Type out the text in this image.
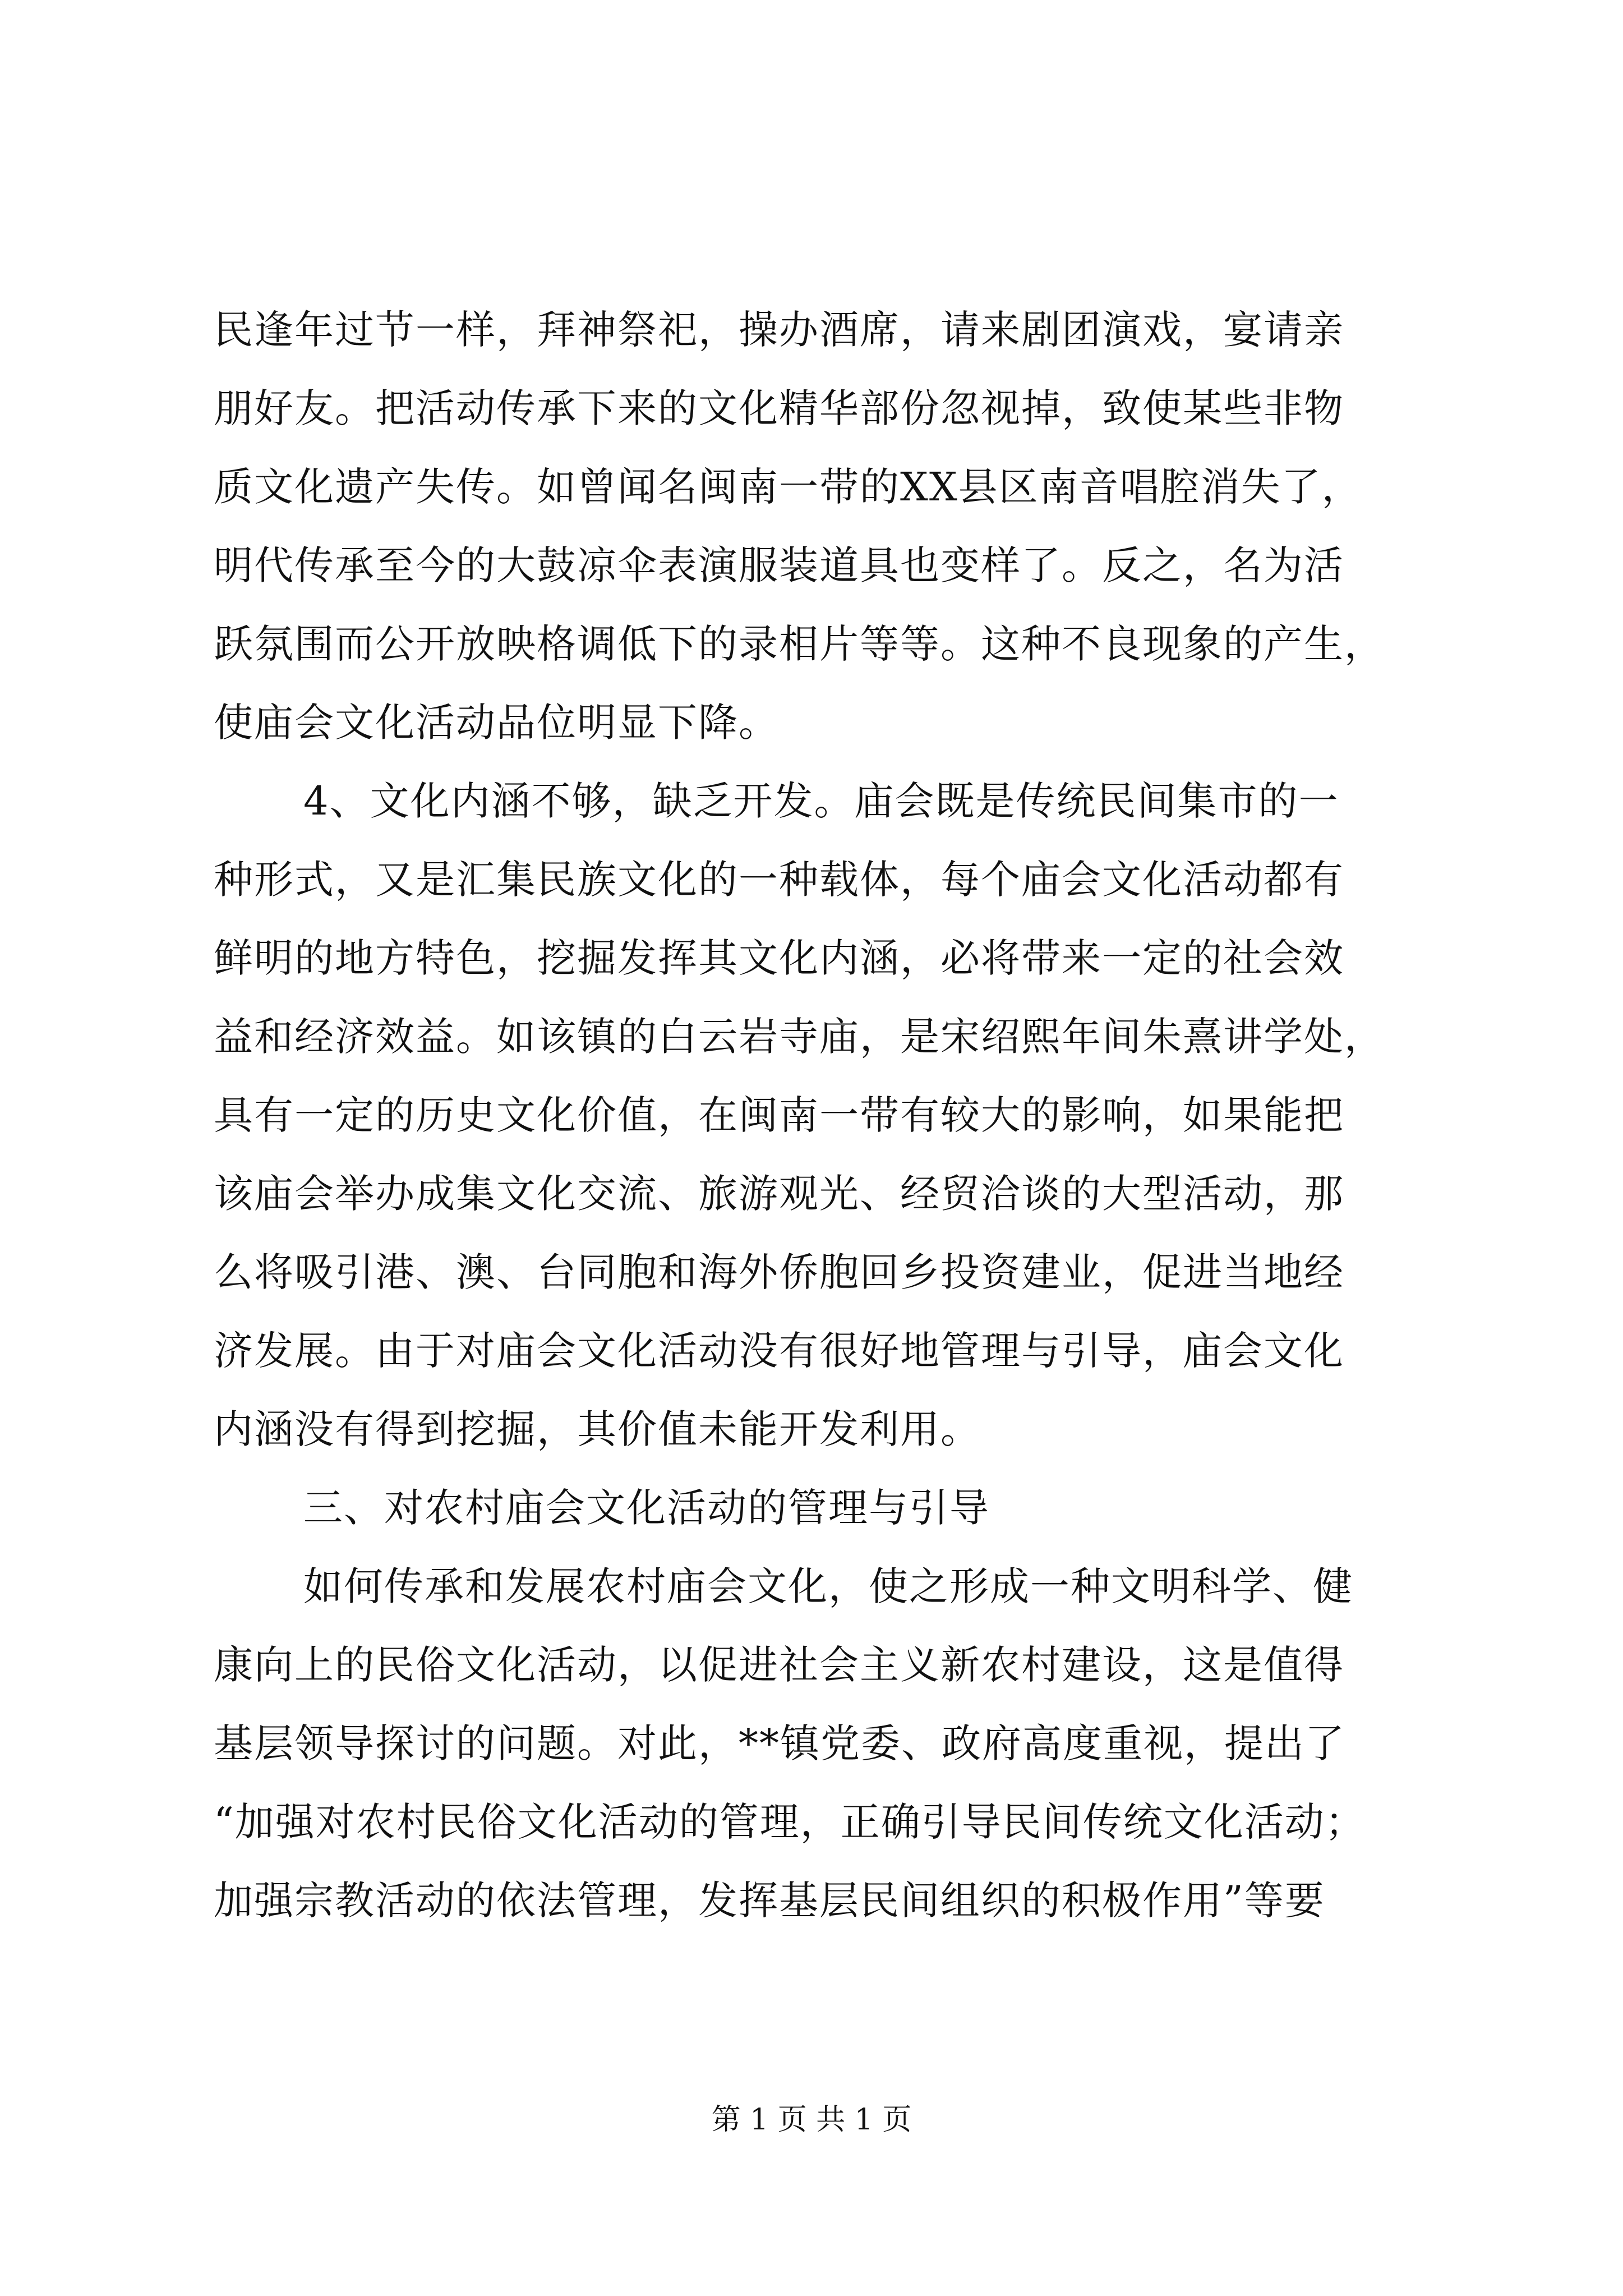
民逢年过节一样，拜神祭祀，操办酒席，请来剧团演戏，宴请亲
朋好友。把活动传承下来的文化精华部份忽视掉，致使某些非物
质文化遗产失传。如曾闻名闽南一带的XX县区南音唱腔消失了，
明代传承至今的大鼓凉伞表演服装道具也变样了。反之，名为活
跃氛围而公开放映格调低下的录相片等等。这种不良现象的产生，
使庙会文化活动品位明显下降。
4、文化内涵不够，缺乏开发。庙会既是传统民间集市的一
种形式，又是汇集民族文化的一种载体，每个庙会文化活动都有
鲜明的地方特色，挖掘发挥其文化内涵，必将带来一定的社会效
益和经济效益。如该镇的白云岩寺庙，是宋绍熙年间朱熹讲学处，
具有一定的历史文化价值，在闽南一带有较大的影响，如果能把
该庙会举办成集文化交流、旅游观光、经贸洽谈的大型活动，那
么将吸引港、澳、台同胞和海外侨胞回乡投资建业，促进当地经
济发展。由于对庙会文化活动没有很好地管理与引导，庙会文化
内涵没有得到挖掘，其价值未能开发利用。
三、对农村庙会文化活动的管理与引导
如何传承和发展农村庙会文化，使之形成一种文明科学、健
康向上的民俗文化活动，以促进社会主义新农村建设，这是值得
基层领导探讨的问题。对此，**镇党委、政府高度重视，提出了
“加强对农村民俗文化活动的管理，正确引导民间传统文化活动；
加强宗教活动的依法管理，发挥基层民间组织的积极作用”等要
第 1 页 共 1 页
